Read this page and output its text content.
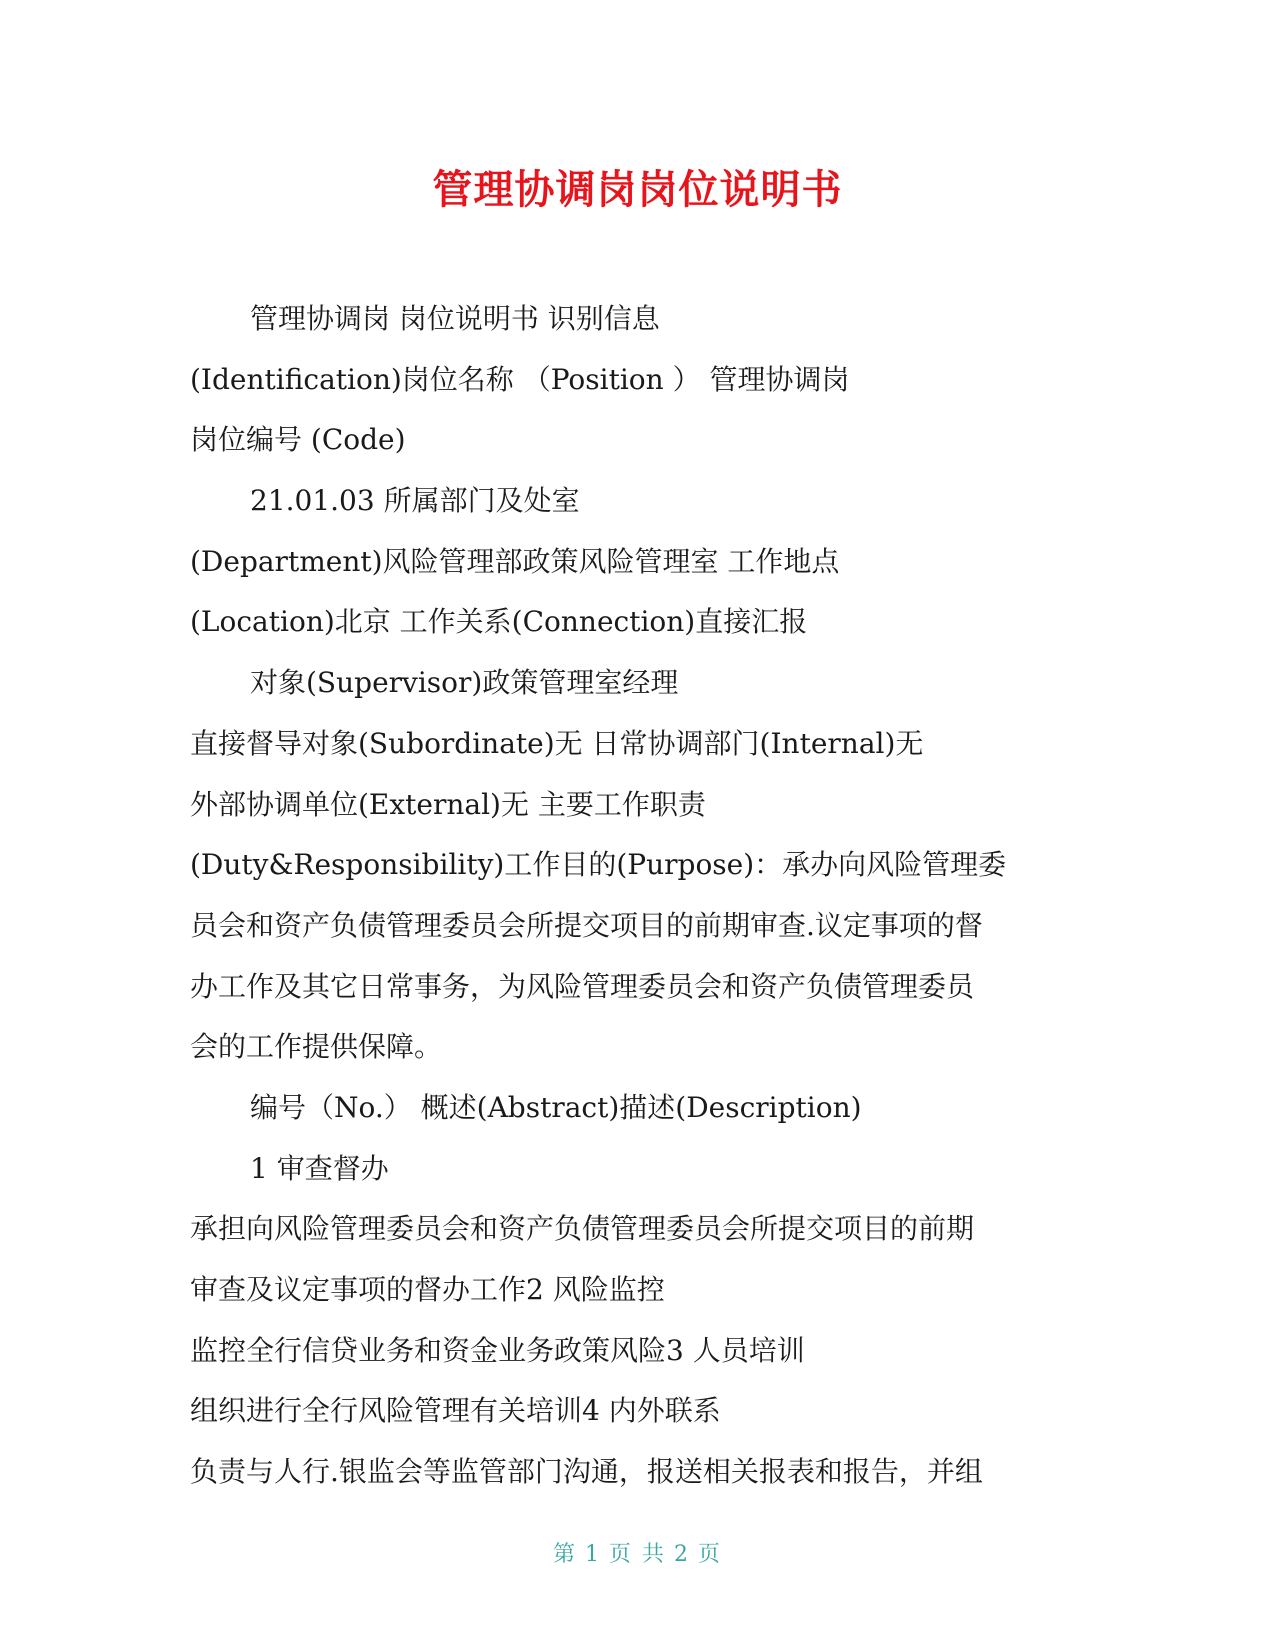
管理协调岗岗位说明书
管理协调岗 岗位说明书 识别信息
(Identification)岗位名称 （Position ） 管理协调岗
岗位编号 (Code)
21.01.03 所属部门及处室
(Department)风险管理部政策风险管理室 工作地点
(Location)北京 工作关系(Connection)直接汇报
对象(Supervisor)政策管理室经理
直接督导对象(Subordinate)无 日常协调部门(Internal)无
外部协调单位(External)无 主要工作职责
(Duty&Responsibility)工作目的(Purpose)：承办向风险管理委
员会和资产负债管理委员会所提交项目的前期审查.议定事项的督
办工作及其它日常事务，为风险管理委员会和资产负债管理委员
会的工作提供保障。
编号（No.） 概述(Abstract)描述(Description)
1 审查督办
承担向风险管理委员会和资产负债管理委员会所提交项目的前期
审查及议定事项的督办工作2 风险监控
监控全行信贷业务和资金业务政策风险3 人员培训
组织进行全行风险管理有关培训4 内外联系
负责与人行.银监会等监管部门沟通，报送相关报表和报告，并组
第 1 页 共 2 页
